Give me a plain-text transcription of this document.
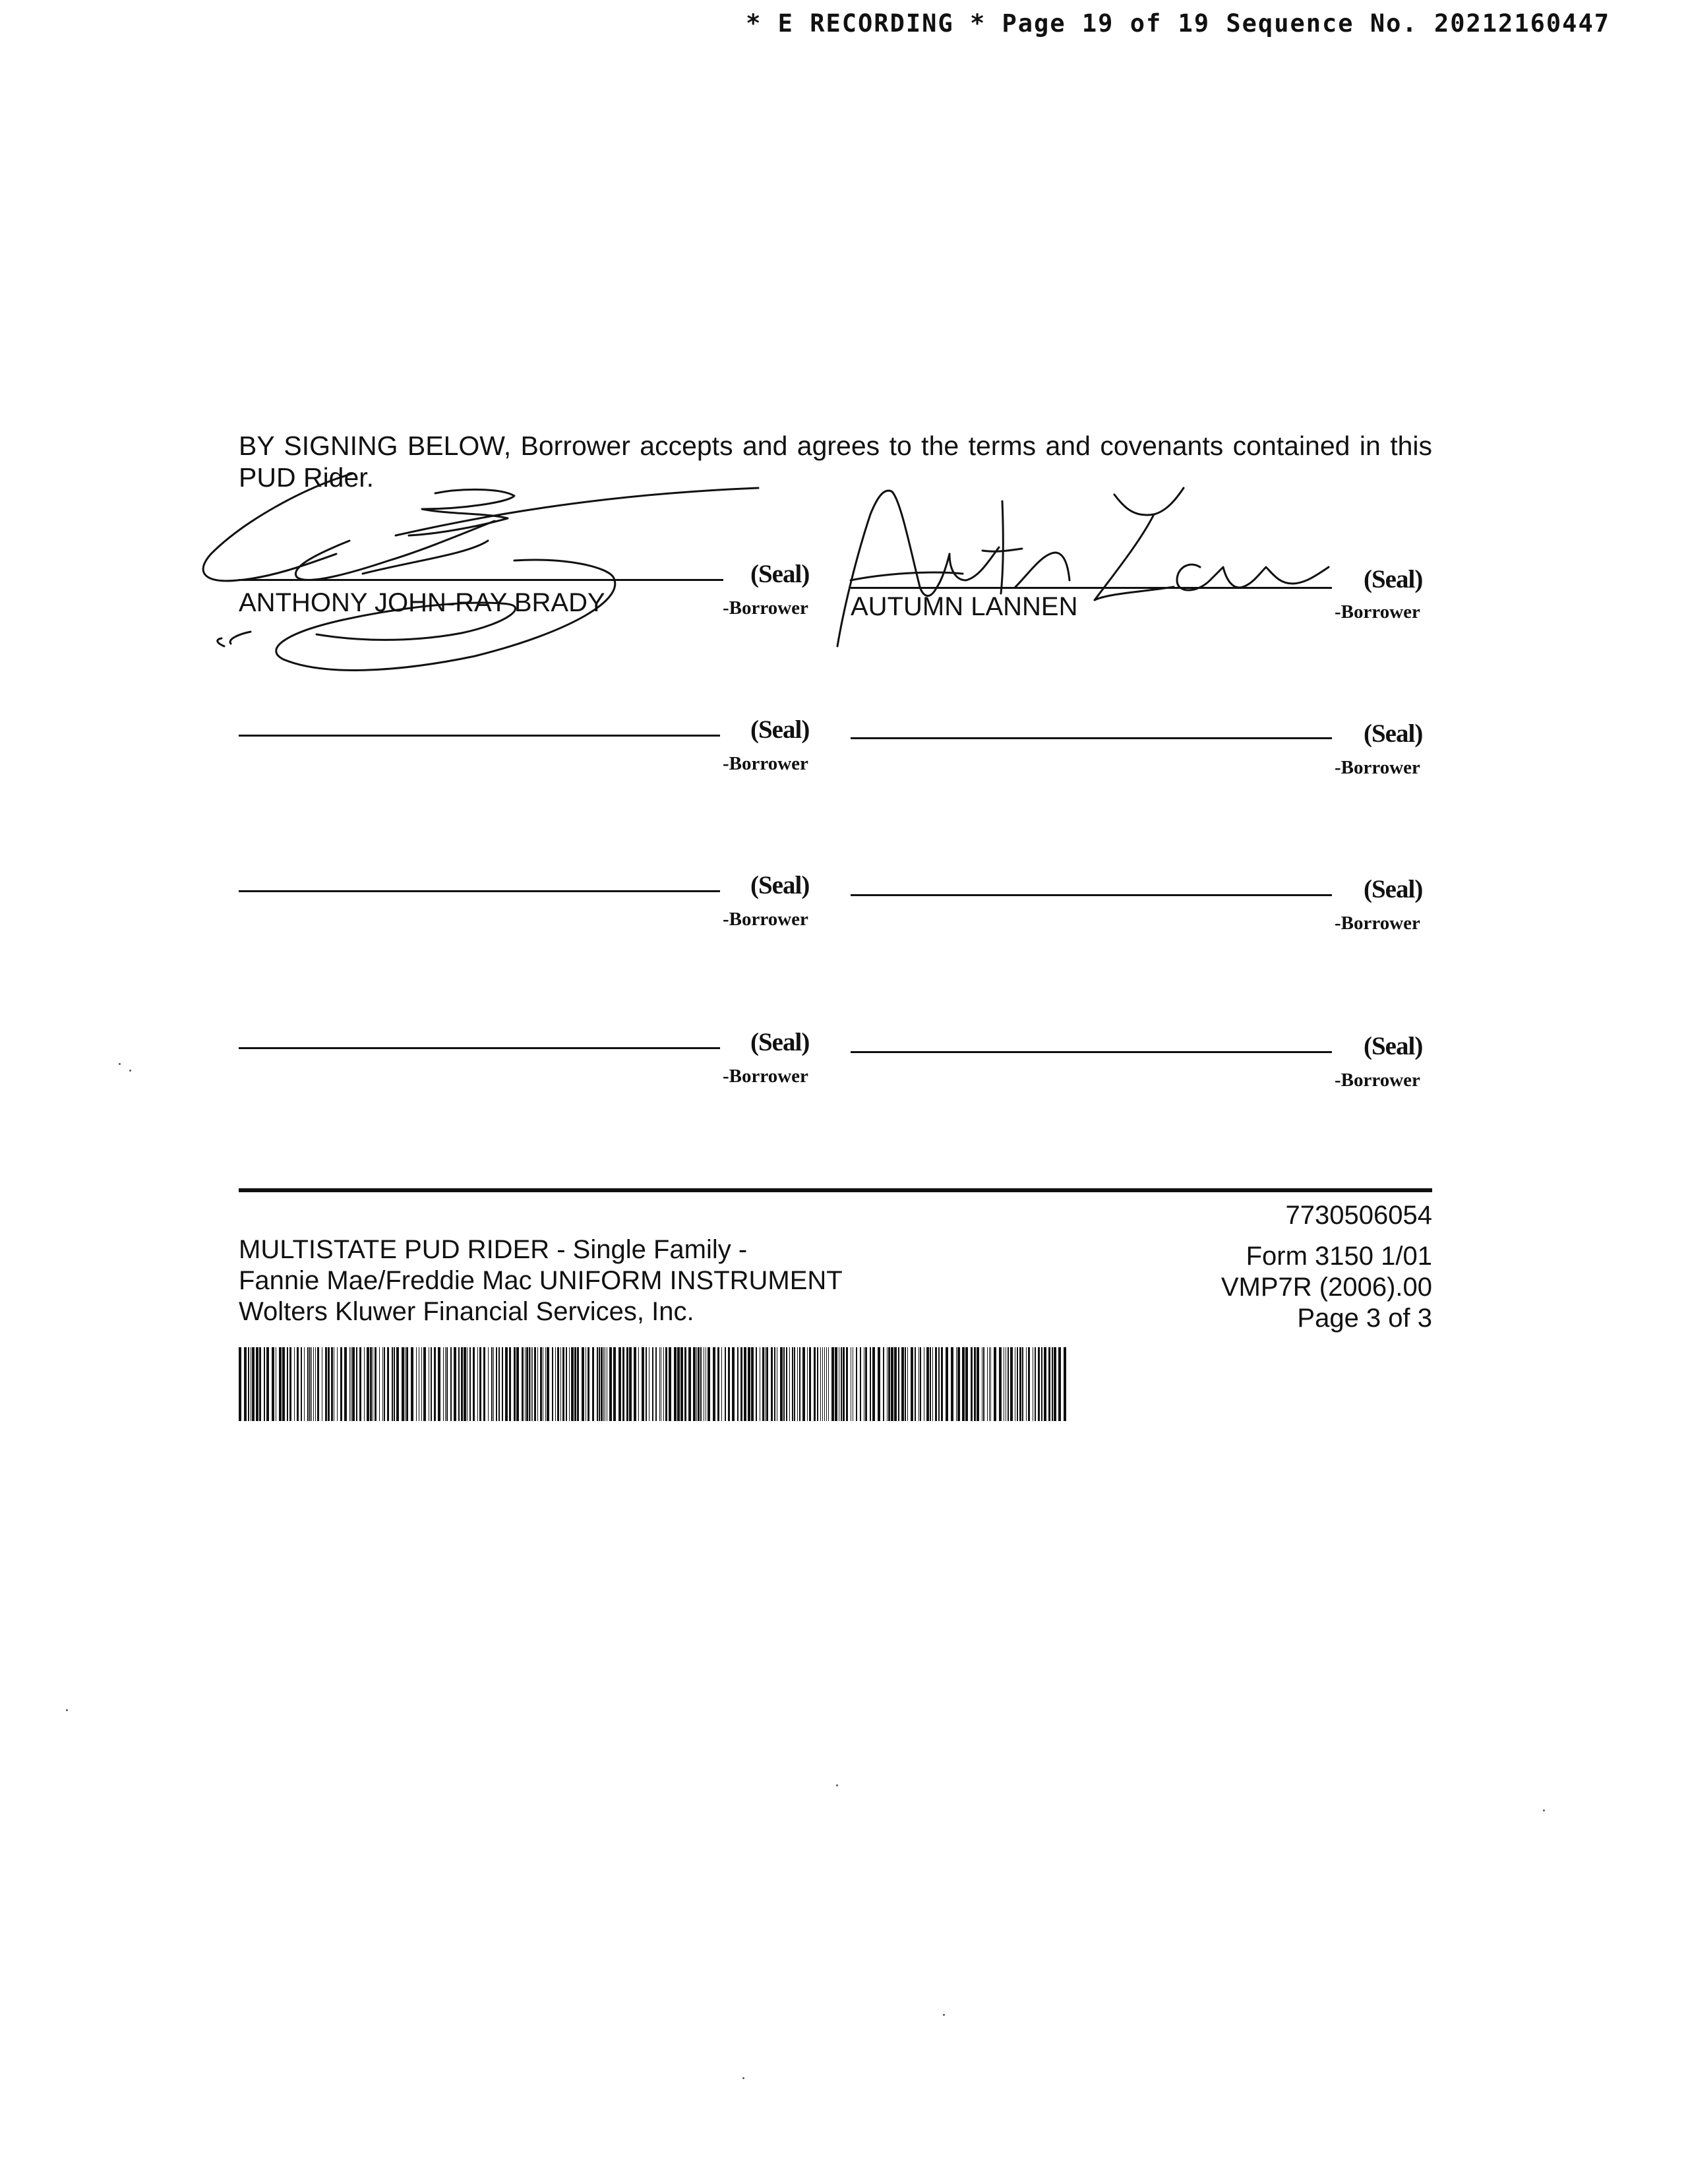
* E RECORDING * Page 19 of 19 Sequence No. 20212160447
BY SIGNING BELOW, Borrower accepts and agrees to the terms and covenants contained in this PUD Rider.
(Seal)
-Borrower
ANTHONY JOHN-RAY BRADY
(Seal)
-Borrower
AUTUMN LANNEN
(Seal)
-Borrower
(Seal)
-Borrower
(Seal)
-Borrower
(Seal)
-Borrower
(Seal)
-Borrower
(Seal)
-Borrower
MULTISTATE PUD RIDER - Single Family -
Fannie Mae/Freddie Mac UNIFORM INSTRUMENT
Wolters Kluwer Financial Services, Inc.
7730506054
Form 3150 1/01
VMP7R (2006).00
Page 3 of 3
